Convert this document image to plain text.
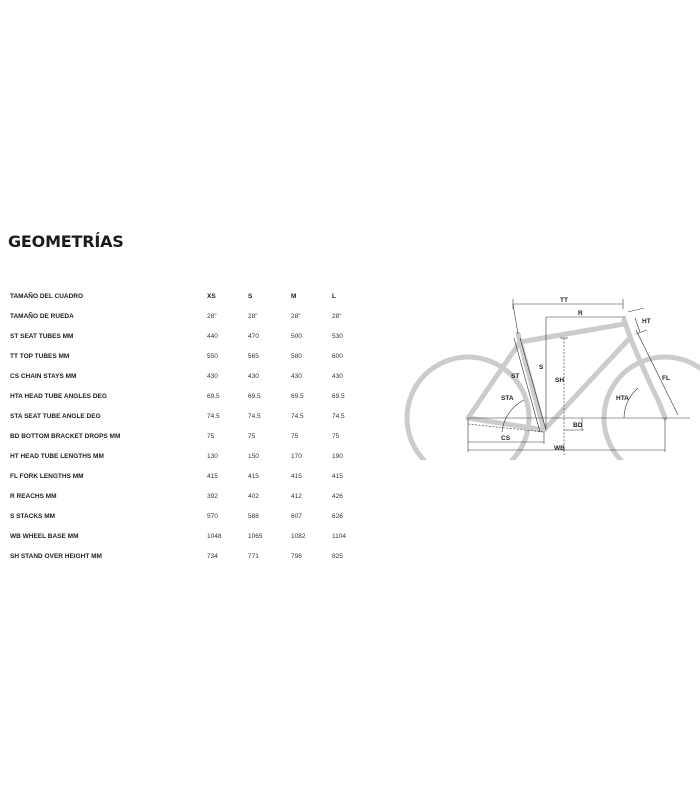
GEOMETRÍAS
TAMAÑO DEL CUADRO	XS	S	M	L
TAMAÑO DE RUEDA	28"	28"	28"	28"
ST SEAT TUBES MM	440	470	500	530
TT TOP TUBES MM	550	565	580	600
CS CHAIN STAYS MM	430	430	430	430
HTA HEAD TUBE ANGLES DEG	69.5	69.5	69.5	69.5
STA SEAT TUBE ANGLE DEG	74.5	74.5	74.5	74.5
BD BOTTOM BRACKET DROPS MM	75	75	75	75
HT HEAD TUBE LENGTHS MM	130	150	170	190
FL FORK LENGTHS MM	415	415	415	415
R REACHS MM	392	402	412	426
S STACKS MM	570	588	607	626
WB WHEEL BASE MM	1048	1065	1082	1104
SH STAND OVER HEIGHT MM	734	771	798	825
TT
R
HT
ST
S
SH	FL
STA	HTA
CS
BD
WB
